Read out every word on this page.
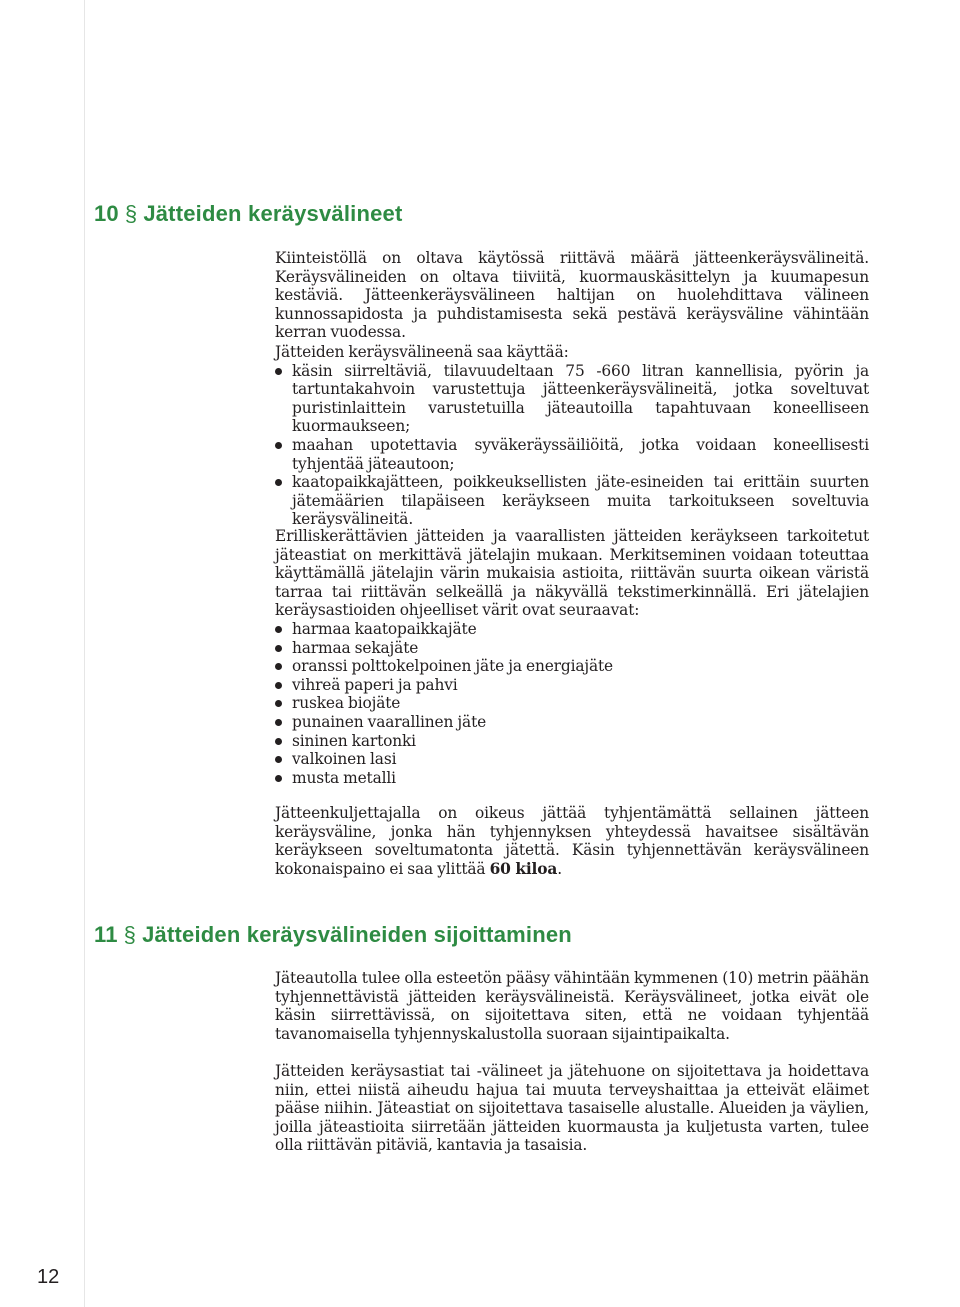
12
10 § Jätteiden keräysvälineet

Kiinteistöllä on oltava käytössä riittävä määrä jätteenkeräysvälineitä. Keräysvälineiden on oltava tiiviitä, kuormauskäsittelyn ja kuumapesun kestäviä. Jätteenkeräysvälineen haltijan on huolehdittava välineen kunnossapidosta ja puhdistamisesta sekä pestävä keräysväline vähintään kerran vuodessa.

Jätteiden keräysvälineenä saa käyttää:

käsin siirreltäviä, tilavuudeltaan 75 -660 litran kannellisia, pyörin ja tartuntakahvoin varustettuja jätteenkeräysvälineitä, jotka soveltuvat puristinlaittein varustetuilla jäteautoilla tapahtuvaan koneelliseen kuormaukseen;
maahan upotettavia syväkeräyssäiliöitä, jotka voidaan koneellisesti tyhjentää jäteautoon;
kaatopaikkajätteen, poikkeuksellisten jäte-esineiden tai erittäin suurten jätemäärien tilapäiseen keräykseen muita tarkoitukseen soveltuvia keräysvälineitä.

Erilliskerättävien jätteiden ja vaarallisten jätteiden keräykseen tarkoitetut jäteastiat on merkittävä jätelajin mukaan. Merkitseminen voidaan toteuttaa käyttämällä jätelajin värin mukaisia astioita, riittävän suurta oikean väristä tarraa tai riittävän selkeällä ja näkyvällä tekstimerkinnällä. Eri jätelajien keräysastioiden ohjeelliset värit ovat seuraavat:

harmaa kaatopaikkajäte
harmaa sekajäte
oranssi polttokelpoinen jäte ja energiajäte
vihreä paperi ja pahvi
ruskea biojäte
punainen vaarallinen jäte
sininen kartonki
valkoinen lasi
musta metalli

Jätteenkuljettajalla on oikeus jättää tyhjentämättä sellainen jätteen keräysväline, jonka hän tyhjennyksen yhteydessä havaitsee sisältävän keräykseen soveltumatonta jätettä. Käsin tyhjennettävän keräysvälineen kokonaispaino ei saa ylittää 60 kiloa.

11 § Jätteiden keräysvälineiden sijoittaminen

Jäteautolla tulee olla esteetön pääsy vähintään kymmenen (10) metrin päähän tyhjennettävistä jätteiden keräysvälineistä. Keräysvälineet, jotka eivät ole käsin siirrettävissä, on sijoitettava siten, että ne voidaan tyhjentää tavanomaisella tyhjennyskalustolla suoraan sijaintipaikalta.

Jätteiden keräysastiat tai -välineet ja jätehuone on sijoitettava ja hoidettava niin, ettei niistä aiheudu hajua tai muuta terveyshaittaa ja etteivät eläimet pääse niihin. Jäteastiat on sijoitettava tasaiselle alustalle. Alueiden ja väylien, joilla jäteastioita siirretään jätteiden kuormausta ja kuljetusta varten, tulee olla riittävän pitäviä, kantavia ja tasaisia.
